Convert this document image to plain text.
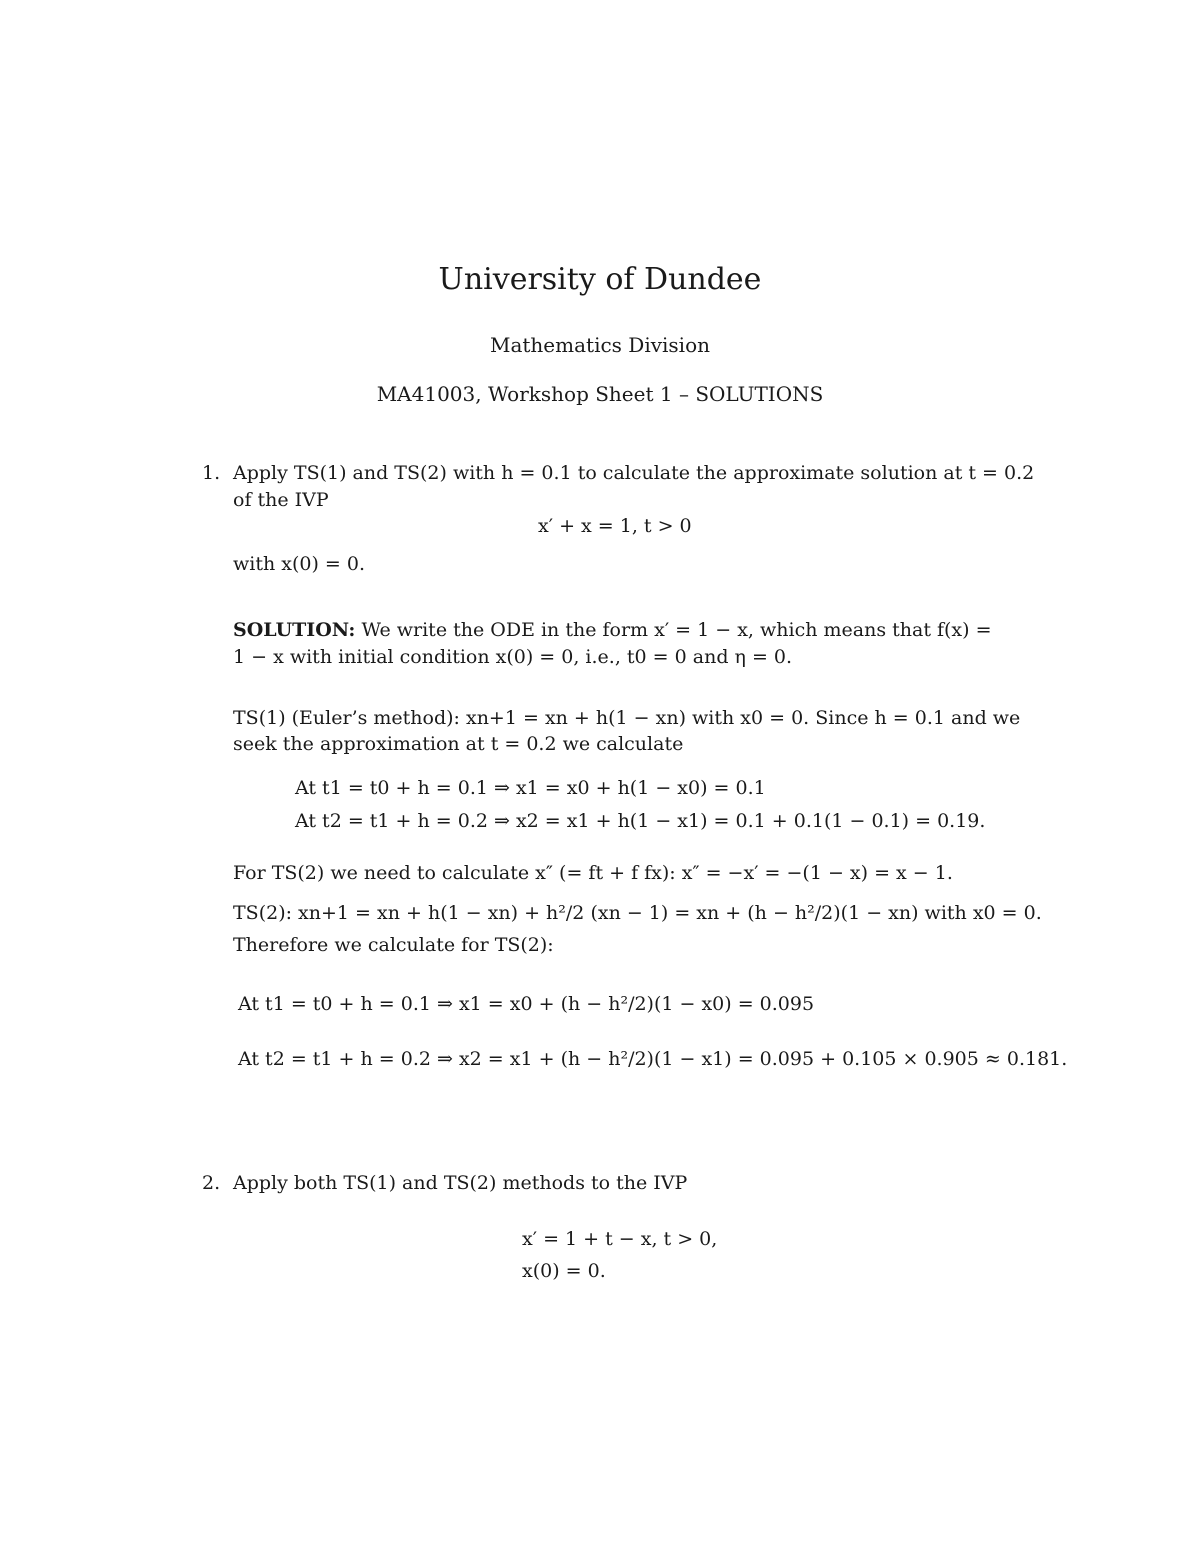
University of Dundee
Mathematics Division
MA41003, Workshop Sheet 1 – SOLUTIONS
1. Apply TS(1) and TS(2) with h = 0.1 to calculate the approximate solution at t = 0.2
of the IVP
x′ + x = 1, t > 0
with x(0) = 0.
SOLUTION: We write the ODE in the form x′ = 1 − x, which means that f(x) =
1 − x with initial condition x(0) = 0, i.e., t0 = 0 and η = 0.
TS(1) (Euler’s method): xn+1 = xn + h(1 − xn) with x0 = 0. Since h = 0.1 and we
seek the approximation at t = 0.2 we calculate
At t1 = t0 + h = 0.1 ⇒ x1 = x0 + h(1 − x0) = 0.1
At t2 = t1 + h = 0.2 ⇒ x2 = x1 + h(1 − x1) = 0.1 + 0.1(1 − 0.1) = 0.19.
For TS(2) we need to calculate x″ (= ft + f fx): x″ = −x′ = −(1 − x) = x − 1.
TS(2): xn+1 = xn + h(1 − xn) + h²/2 (xn − 1) = xn + (h − h²/2)(1 − xn) with x0 = 0.
Therefore we calculate for TS(2):
At t1 = t0 + h = 0.1 ⇒ x1 = x0 + (h − h²/2)(1 − x0) = 0.095
At t2 = t1 + h = 0.2 ⇒ x2 = x1 + (h − h²/2)(1 − x1) = 0.095 + 0.105 × 0.905 ≈ 0.181.
2. Apply both TS(1) and TS(2) methods to the IVP
x′ = 1 + t − x, t > 0,
x(0) = 0.
